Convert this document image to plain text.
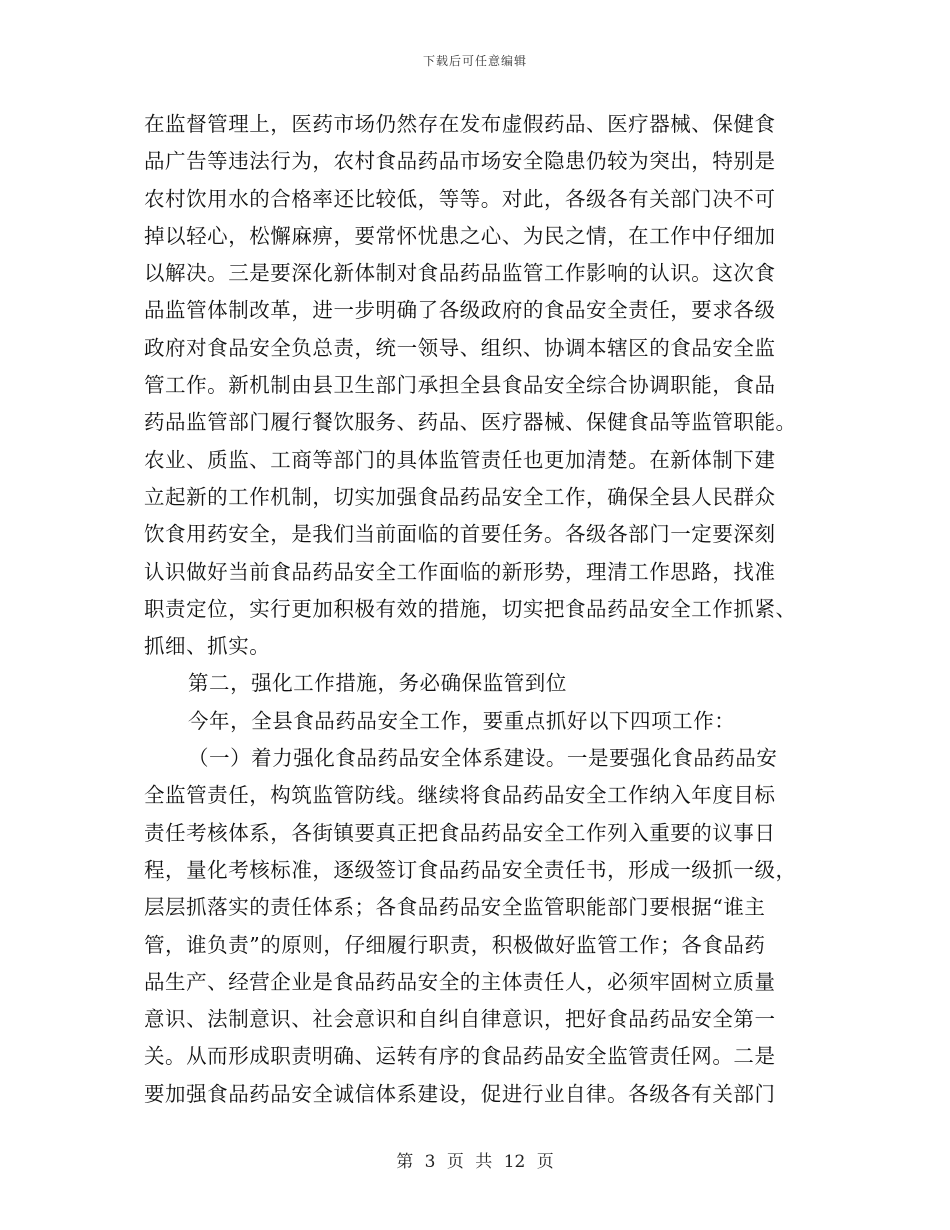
下载后可任意编辑
在监督管理上，医药市场仍然存在发布虚假药品、医疗器械、保健食
品广告等违法行为，农村食品药品市场安全隐患仍较为突出，特别是
农村饮用水的合格率还比较低，等等。对此，各级各有关部门决不可
掉以轻心，松懈麻痹，要常怀忧患之心、为民之情，在工作中仔细加
以解决。三是要深化新体制对食品药品监管工作影响的认识。这次食
品监管体制改革，进一步明确了各级政府的食品安全责任，要求各级
政府对食品安全负总责，统一领导、组织、协调本辖区的食品安全监
管工作。新机制由县卫生部门承担全县食品安全综合协调职能，食品
药品监管部门履行餐饮服务、药品、医疗器械、保健食品等监管职能。
农业、质监、工商等部门的具体监管责任也更加清楚。在新体制下建
立起新的工作机制，切实加强食品药品安全工作，确保全县人民群众
饮食用药安全，是我们当前面临的首要任务。各级各部门一定要深刻
认识做好当前食品药品安全工作面临的新形势，理清工作思路，找准
职责定位，实行更加积极有效的措施，切实把食品药品安全工作抓紧、
抓细、抓实。
第二，强化工作措施，务必确保监管到位
今年，全县食品药品安全工作，要重点抓好以下四项工作：
（一）着力强化食品药品安全体系建设。一是要强化食品药品安
全监管责任，构筑监管防线。继续将食品药品安全工作纳入年度目标
责任考核体系，各街镇要真正把食品药品安全工作列入重要的议事日
程，量化考核标准，逐级签订食品药品安全责任书，形成一级抓一级，
层层抓落实的责任体系；各食品药品安全监管职能部门要根据“谁主
管，谁负责”的原则，仔细履行职责，积极做好监管工作；各食品药
品生产、经营企业是食品药品安全的主体责任人，必须牢固树立质量
意识、法制意识、社会意识和自纠自律意识，把好食品药品安全第一
关。从而形成职责明确、运转有序的食品药品安全监管责任网。二是
要加强食品药品安全诚信体系建设，促进行业自律。各级各有关部门
第 3 页 共 12 页
